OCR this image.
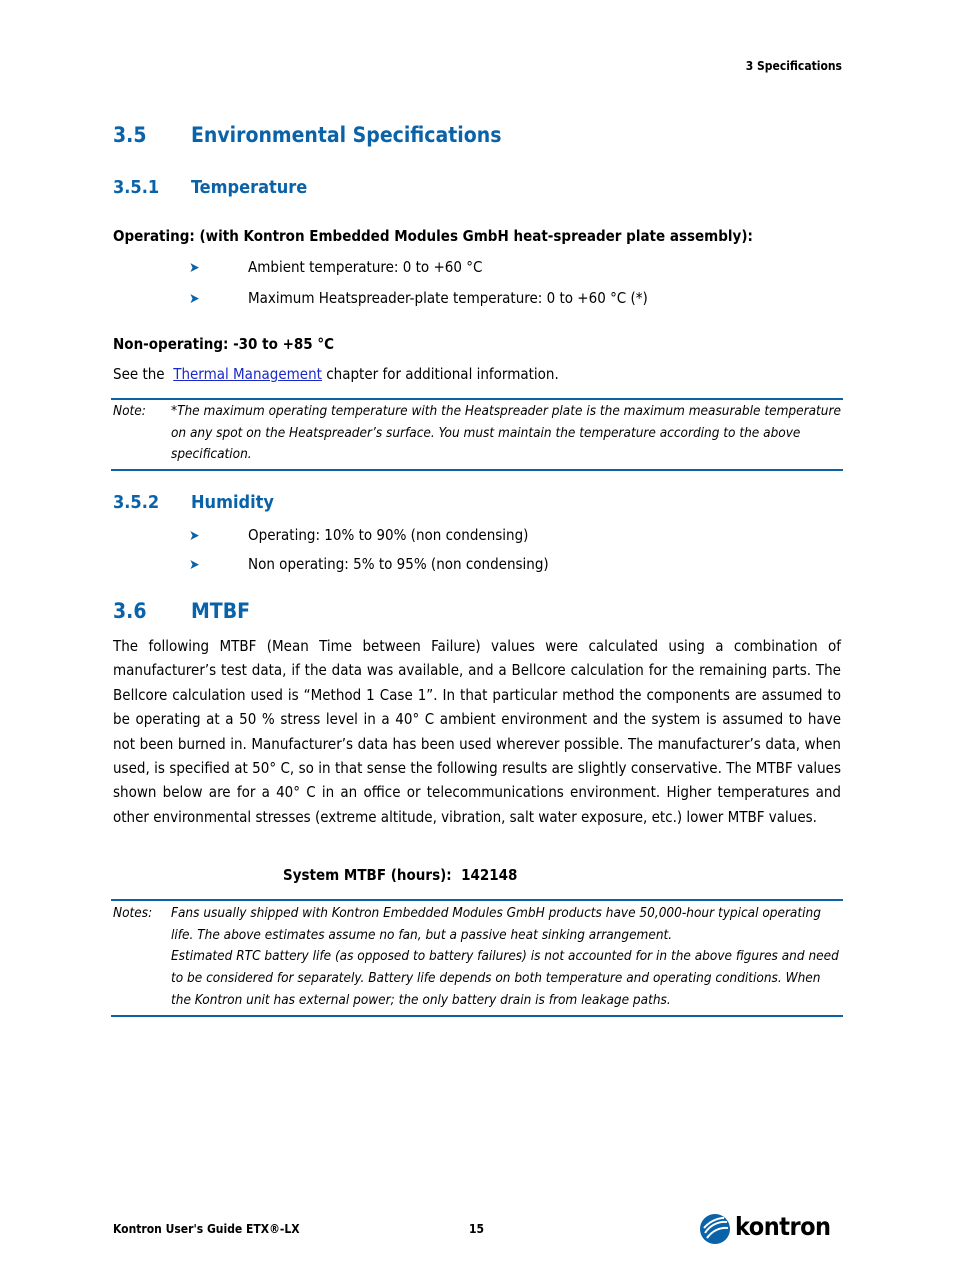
3 Specifications
3.5 Environmental Specifications
3.5.1 Temperature
Operating: (with Kontron Embedded Modules GmbH heat-spreader plate assembly):
➤	Ambient temperature: 0 to +60 °C
➤	Maximum Heatspreader-plate temperature: 0 to +60 °C (*)
Non-operating: -30 to +85 °C
See the  Thermal Management chapter for additional information.
Note: *The maximum operating temperature with the Heatspreader plate is the maximum measurable temperature on any spot on the Heatspreader’s surface. You must maintain the temperature according to the above specification.
3.5.2 Humidity
➤	Operating: 10% to 90% (non condensing)
➤	Non operating: 5% to 95% (non condensing)
3.6 MTBF
The following MTBF (Mean Time between Failure) values were calculated using a combination of manufacturer’s test data, if the data was available, and a Bellcore calculation for the remaining parts. The Bellcore calculation used is “Method 1 Case 1”. In that particular method the components are assumed to be operating at a 50 % stress level in a 40° C ambient environment and the system is assumed to have not been burned in. Manufacturer’s data has been used wherever possible. The manufacturer’s data, when used, is specified at 50° C, so in that sense the following results are slightly conservative. The MTBF values shown below are for a 40° C in an office or telecommunications environment. Higher temperatures and other environmental stresses (extreme altitude, vibration, salt water exposure, etc.) lower MTBF values.
System MTBF (hours): 142148
Notes: Fans usually shipped with Kontron Embedded Modules GmbH products have 50,000-hour typical operating life. The above estimates assume no fan, but a passive heat sinking arrangement.
Estimated RTC battery life (as opposed to battery failures) is not accounted for in the above figures and need to be considered for separately. Battery life depends on both temperature and operating conditions. When the Kontron unit has external power; the only battery drain is from leakage paths.
Kontron User's Guide ETX®-LX	15	kontron
